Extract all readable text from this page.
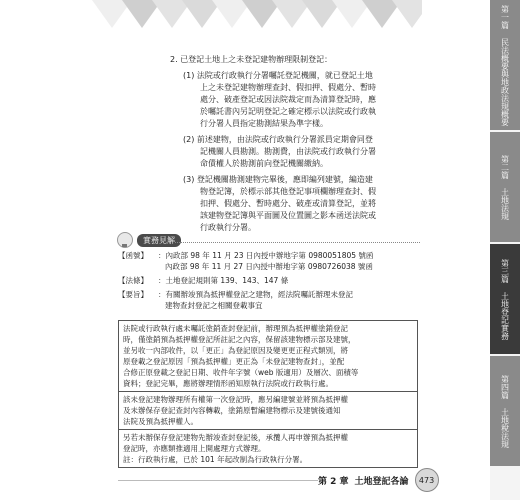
第一篇 民法概要與地政法規概要
第二篇 土地法規
第三篇 土地登記實務
第四篇 土地稅法規
2. 已登記土地上之未登記建物辦理限制登記：
(1) 法院或行政執行分署囑託登記機關，就已登記土地
上之未登記建物辦理查封、假扣押、假處分、暫時
處分、破產登記或因法院裁定而為清算登記時，應
於囑託書內另記明登記之確定標示以法院或行政執
行分署人員指定勘測結果為準字樣。
(2) 前述建物，由法院或行政執行分署派員定期會同登
記機關人員勘測。勘測費，由法院或行政執行分署
命債權人於勘測前向登記機關繳納。
(3) 登記機關勘測建物完畢後，應即編列建號，編造建
物登記簿，於標示部其他登記事項欄辦理查封、假
扣押、假處分、暫時處分、破產或清算登記，並將
該建物登記簿與平面圖及位置圖之影本函送法院或
行政執行分署。
實務見解
【函號】 ：內政部 98 年 11 月 23 日內授中辦地字第 0980051805 號函
內政部 98 年 11 月 27 日內授中辦地字第 0980726038 號函
【法條】 ：土地登記規則第 139、143、147 條
【要旨】 ：有關辦竣預為抵押權登記之建物，經法院囑託辦理未登記
建物查封登記之相關登載事宜

法院或行政執行處未囑託塗銷查封登記前，辦理預為抵押權塗銷登記

時，僅塗銷預為抵押權登記所註記之內容，保留該建物標示部及建號，

並另收一內部收件，以「更正」為登記原因及變更更正程式類別，將

原登載之登記原因「預為抵押權」更正為「未登記建物查封」，並配

合修正原登載之登記日期、收件年字號（web 版適用）及層次、面積等

資料；登記完畢，應將辦理情形函知原執行法院或行政執行處。

該未登記建物辦理所有權第一次登記時，應另編建號並將預為抵押權

及未辦保存登記查封內容轉載，塗銷原暫編建物標示及建號後通知

法院及預為抵押權人。

另若未辦保存登記建物先辦竣查封登記後，承攬人再申辦預為抵押權

登記時，亦應類推適用上開處理方式辦理。

註：行政執行處，已於 101 年起改制為行政執行分署。

第 2 章 土地登記各論	473
